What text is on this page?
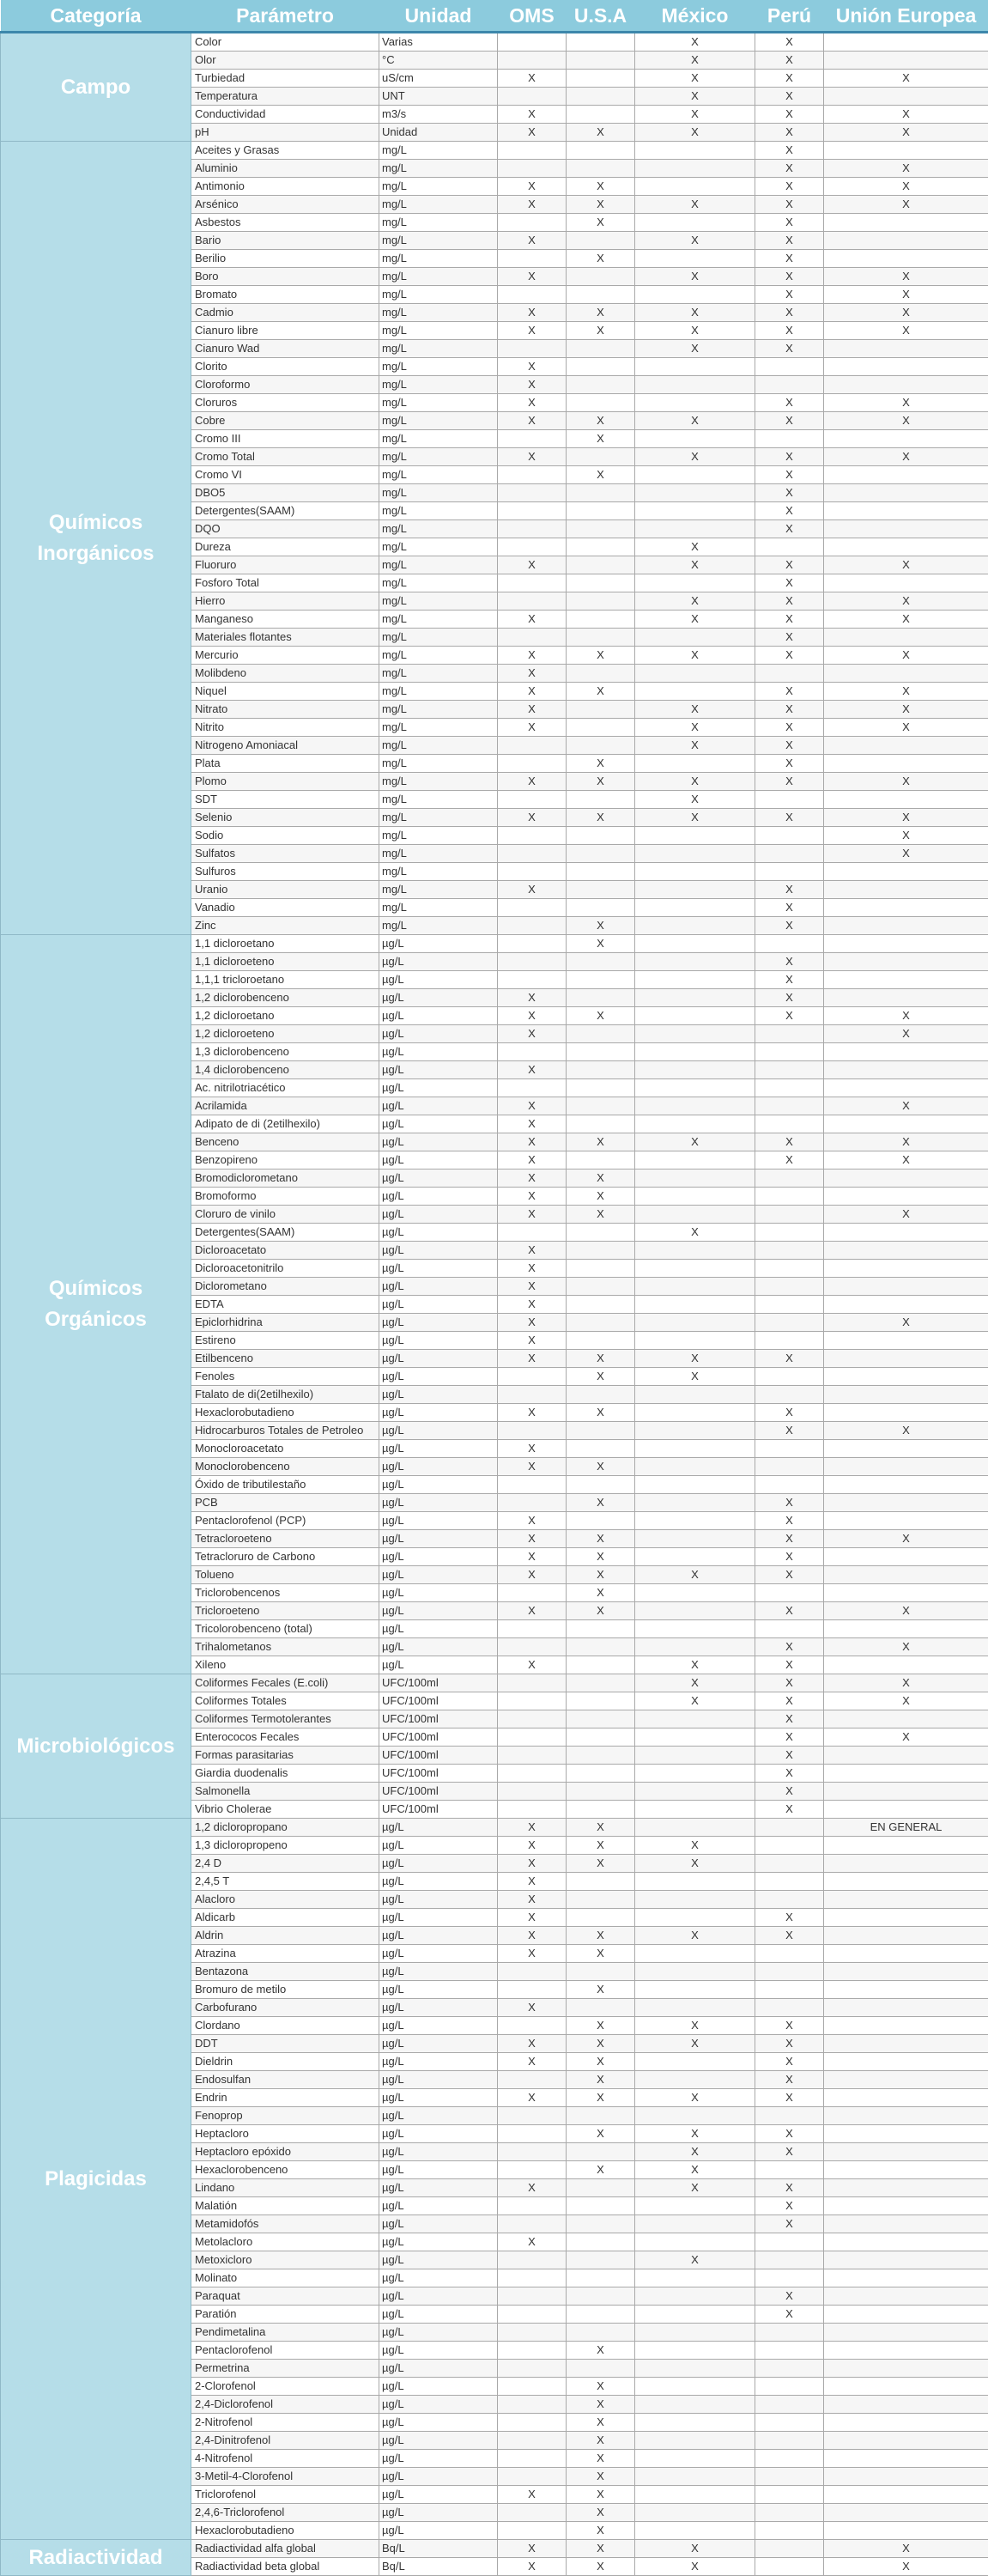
Categoría	Parámetro	Unidad	OMS	U.S.A	México	Perú	Unión Europea
Campo	Color	Varias			X	X	
	Olor	°C			X	X	
	Turbiedad	uS/cm	X		X	X	X
	Temperatura	UNT			X	X	
	Conductividad	m3/s	X		X	X	X
	pH	Unidad	X	X	X	X	X
Químicos Inorgánicos	Aceites y Grasas	mg/L				X	
	Aluminio	mg/L				X	X
	Antimonio	mg/L	X	X		X	X
	Arsénico	mg/L	X	X	X	X	X
	Asbestos	mg/L		X		X	
	Bario	mg/L	X		X	X	
	Berilio	mg/L		X		X	
	Boro	mg/L	X		X	X	X
	Bromato	mg/L				X	X
	Cadmio	mg/L	X	X	X	X	X
	Cianuro libre	mg/L	X	X	X	X	X
	Cianuro Wad	mg/L			X	X	
	Clorito	mg/L	X				
	Cloroformo	mg/L	X				
	Cloruros	mg/L	X			X	X
	Cobre	mg/L	X	X	X	X	X
	Cromo III	mg/L		X			
	Cromo Total	mg/L	X		X	X	X
	Cromo VI	mg/L		X		X	
	DBO5	mg/L				X	
	Detergentes(SAAM)	mg/L				X	
	DQO	mg/L				X	
	Dureza	mg/L			X		
	Fluoruro	mg/L	X		X	X	X
	Fosforo Total	mg/L				X	
	Hierro	mg/L			X	X	X
	Manganeso	mg/L	X		X	X	X
	Materiales flotantes	mg/L				X	
	Mercurio	mg/L	X	X	X	X	X
	Molibdeno	mg/L	X				
	Niquel	mg/L	X	X		X	X
	Nitrato	mg/L	X		X	X	X
	Nitrito	mg/L	X		X	X	X
	Nitrogeno Amoniacal	mg/L			X	X	
	Plata	mg/L		X		X	
	Plomo	mg/L	X	X	X	X	X
	SDT	mg/L			X		
	Selenio	mg/L	X	X	X	X	X
	Sodio	mg/L					X
	Sulfatos	mg/L					X
	Sulfuros	mg/L					
	Uranio	mg/L	X			X	
	Vanadio	mg/L				X	
	Zinc	mg/L		X		X	
Químicos Orgánicos	1,1 dicloroetano	µg/L		X			
	1,1 dicloroeteno	µg/L				X	
	1,1,1 tricloroetano	µg/L				X	
	1,2 diclorobenceno	µg/L	X			X	
	1,2 dicloroetano	µg/L	X	X		X	X
	1,2 dicloroeteno	µg/L	X				X
	1,3 diclorobenceno	µg/L					
	1,4 diclorobenceno	µg/L	X				
	Ac. nitrilotriacético	µg/L					
	Acrilamida	µg/L	X				X
	Adipato de di (2etilhexilo)	µg/L	X				
	Benceno	µg/L	X	X	X	X	X
	Benzopireno	µg/L	X			X	X
	Bromodiclorometano	µg/L	X	X			
	Bromoformo	µg/L	X	X			
	Cloruro de vinilo	µg/L	X	X			X
	Detergentes(SAAM)	µg/L			X		
	Dicloroacetato	µg/L	X				
	Dicloroacetonitrilo	µg/L	X				
	Diclorometano	µg/L	X				
	EDTA	µg/L	X				
	Epiclorhidrina	µg/L	X				X
	Estireno	µg/L	X				
	Etilbenceno	µg/L	X	X	X	X	
	Fenoles	µg/L		X	X		
	Ftalato de di(2etilhexilo)	µg/L					
	Hexaclorobutadieno	µg/L	X	X		X	
	Hidrocarburos Totales de Petroleo	µg/L				X	X
	Monocloroacetato	µg/L	X				
	Monoclorobenceno	µg/L	X	X			
	Óxido de tributilestaño	µg/L					
	PCB	µg/L		X		X	
	Pentaclorofenol (PCP)	µg/L	X			X	
	Tetracloroeteno	µg/L	X	X		X	X
	Tetracloruro de Carbono	µg/L	X	X		X	
	Tolueno	µg/L	X	X	X	X	
	Triclorobencenos	µg/L		X			
	Tricloroeteno	µg/L	X	X		X	X
	Tricolorobenceno (total)	µg/L					
	Trihalometanos	µg/L				X	X
	Xileno	µg/L	X		X	X	
Microbiológicos	Coliformes Fecales (E.coli)	UFC/100ml			X	X	X
	Coliformes Totales	UFC/100ml			X	X	X
	Coliformes Termotolerantes	UFC/100ml				X	
	Enterococos Fecales	UFC/100ml				X	X
	Formas parasitarias	UFC/100ml				X	
	Giardia duodenalis	UFC/100ml				X	
	Salmonella	UFC/100ml				X	
	Vibrio Cholerae	UFC/100ml				X	
Plagicidas	1,2 dicloropropano	µg/L	X	X			EN GENERAL
	1,3 dicloropropeno	µg/L	X	X	X		
	2,4 D	µg/L	X	X	X		
	2,4,5 T	µg/L	X				
	Alacloro	µg/L	X				
	Aldicarb	µg/L	X			X	
	Aldrin	µg/L	X	X	X	X	
	Atrazina	µg/L	X	X			
	Bentazona	µg/L					
	Bromuro de metilo	µg/L		X			
	Carbofurano	µg/L	X				
	Clordano	µg/L		X	X	X	
	DDT	µg/L	X	X	X	X	
	Dieldrin	µg/L	X	X		X	
	Endosulfan	µg/L		X		X	
	Endrin	µg/L	X	X	X	X	
	Fenoprop	µg/L					
	Heptacloro	µg/L		X	X	X	
	Heptacloro epóxido	µg/L			X	X	
	Hexaclorobenceno	µg/L		X	X		
	Lindano	µg/L	X		X	X	
	Malatión	µg/L				X	
	Metamidofós	µg/L				X	
	Metolacloro	µg/L	X				
	Metoxicloro	µg/L			X		
	Molinato	µg/L					
	Paraquat	µg/L				X	
	Paratión	µg/L				X	
	Pendimetalina	µg/L					
	Pentaclorofenol	µg/L		X			
	Permetrina	µg/L					
	2-Clorofenol	µg/L		X			
	2,4-Diclorofenol	µg/L		X			
	2-Nitrofenol	µg/L		X			
	2,4-Dinitrofenol	µg/L		X			
	4-Nitrofenol	µg/L		X			
	3-Metil-4-Clorofenol	µg/L		X			
	Triclorofenol	µg/L	X	X			
	2,4,6-Triclorofenol	µg/L		X			
	Hexaclorobutadieno	µg/L		X			
Radiactividad	Radiactividad alfa global	Bq/L	X	X	X		X
	Radiactividad beta global	Bq/L	X	X	X		X
